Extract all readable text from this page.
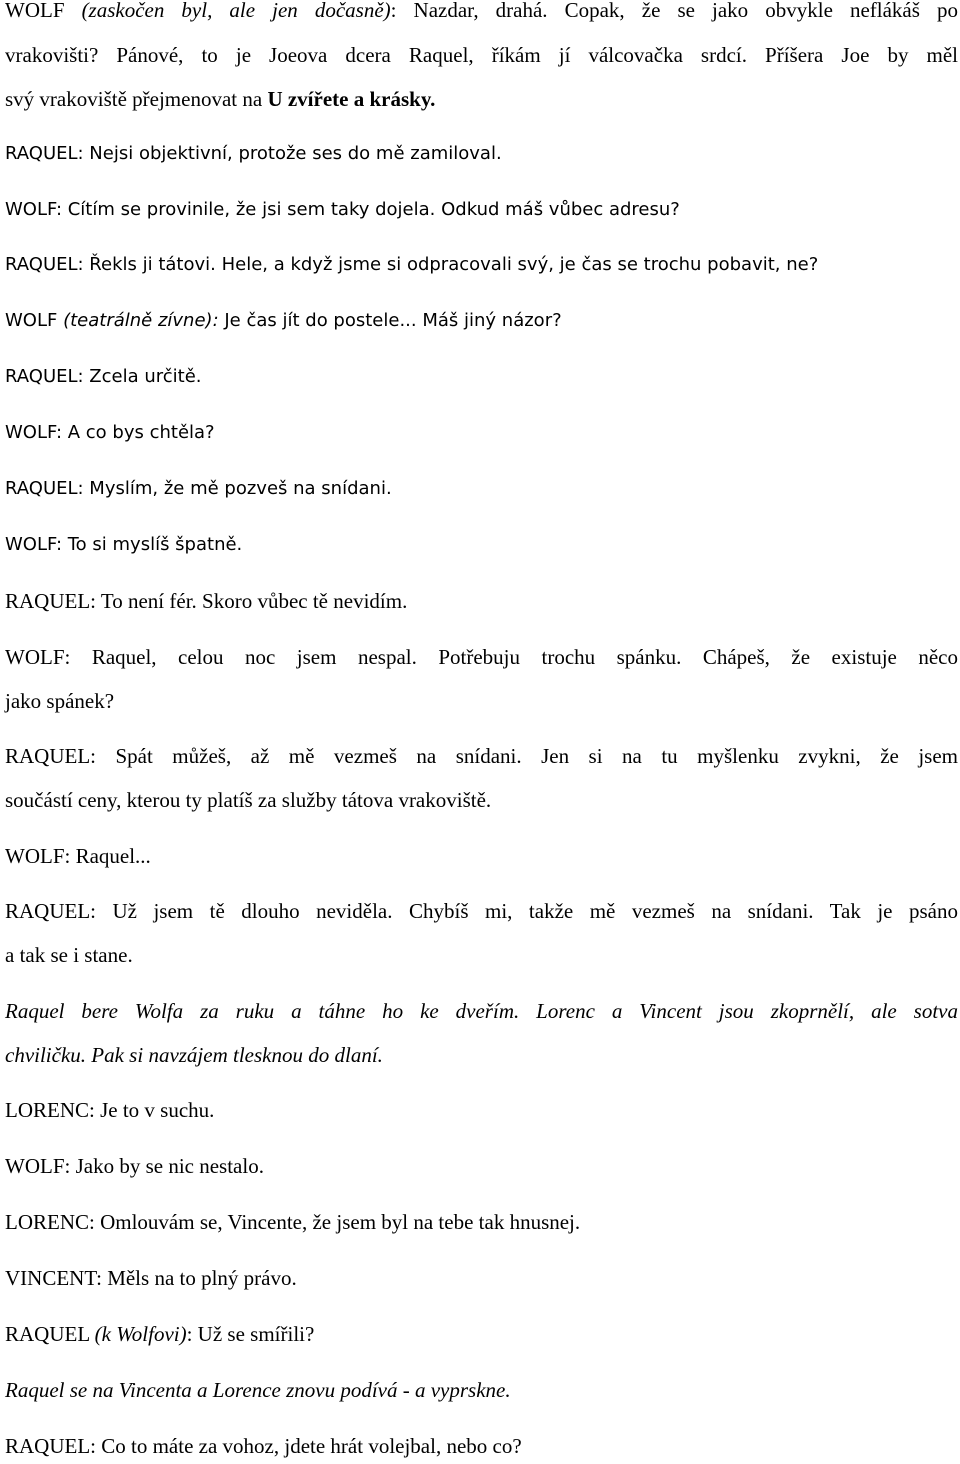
WOLF (zaskočen byl, ale jen dočasně): Nazdar, drahá. Copak, že se jako obvykle neflákáš po
vrakovišti? Pánové, to je Joeova dcera Raquel, říkám jí válcovačka srdcí. Příšera Joe by měl
svý vrakoviště přejmenovat na U zvířete a krásky.
RAQUEL: Nejsi objektivní, protože ses do mě zamiloval.
WOLF: Cítím se provinile, že jsi sem taky dojela. Odkud máš vůbec adresu?
RAQUEL: Řekls ji tátovi. Hele, a když jsme si odpracovali svý, je čas se trochu pobavit, ne?
WOLF (teatrálně zívne): Je čas jít do postele... Máš jiný názor?
RAQUEL: Zcela určitě.
WOLF: A co bys chtěla?
RAQUEL: Myslím, že mě pozveš na snídani.
WOLF: To si myslíš špatně.
RAQUEL: To není fér. Skoro vůbec tě nevidím.
WOLF: Raquel, celou noc jsem nespal. Potřebuju trochu spánku. Chápeš, že existuje něco
jako spánek?
RAQUEL: Spát můžeš, až mě vezmeš na snídani. Jen si na tu myšlenku zvykni, že jsem
součástí ceny, kterou ty platíš za služby tátova vrakoviště.
WOLF: Raquel...
RAQUEL: Už jsem tě dlouho neviděla. Chybíš mi, takže mě vezmeš na snídani. Tak je psáno
a tak se i stane.
Raquel bere Wolfa za ruku a táhne ho ke dveřím. Lorenc a Vincent jsou zkoprnělí, ale sotva
chviličku. Pak si navzájem tlesknou do dlaní.
LORENC: Je to v suchu.
WOLF: Jako by se nic nestalo.
LORENC: Omlouvám se, Vincente, že jsem byl na tebe tak hnusnej.
VINCENT: Měls na to plný právo.
RAQUEL (k Wolfovi): Už se smířili?
Raquel se na Vincenta a Lorence znovu podívá - a vyprskne.
RAQUEL: Co to máte za vohoz, jdete hrát volejbal, nebo co?
